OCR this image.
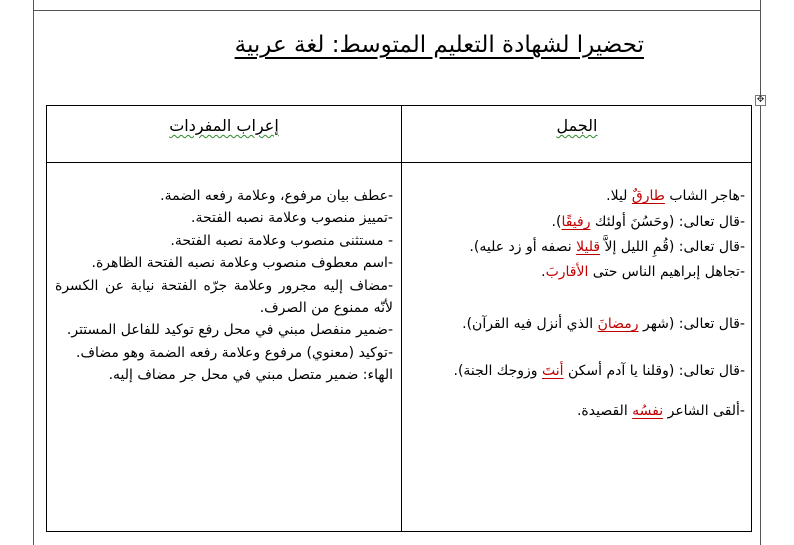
تحضيرا لشهادة التعليم المتوسط: لغة عربية
✥
الجمل
إعراب المفردات
-هاجر الشاب طارقٌ ليلا.
-قال تعالى: (وحَسُنَ أولئك رفيقًا).
-قال تعالى: (قُمِ الليل إلاَّ قليلا نصفه أو زد عليه).
-تجاهل إبراهيم الناس حتى الأقاربَ.
-قال تعالى: (شهر رمضانَ الذي أنزل فيه القرآن).
-قال تعالى: (وقلنا يا آدم أسكن أنتَ وزوجك الجنة).
-ألقى الشاعر نفسُه القصيدة.

-عطف بيان مرفوع، وعلامة رفعه الضمة.

-تمييز منصوب وعلامة نصبه الفتحة.

- مستثنى منصوب وعلامة نصبه الفتحة.

-اسم معطوف منصوب وعلامة نصبه الفتحة الظاهرة.

-مضاف إليه مجرور وعلامة جرّه الفتحة نيابة عن الكسرة لأنّه ممنوع من الصرف.

-ضمير منفصل مبني في محل رفع توكيد للفاعل المستتر.

-توكيد (معنوي) مرفوع وعلامة رفعه الضمة وهو مضاف.

الهاء: ضمير متصل مبني في محل جر مضاف إليه.
